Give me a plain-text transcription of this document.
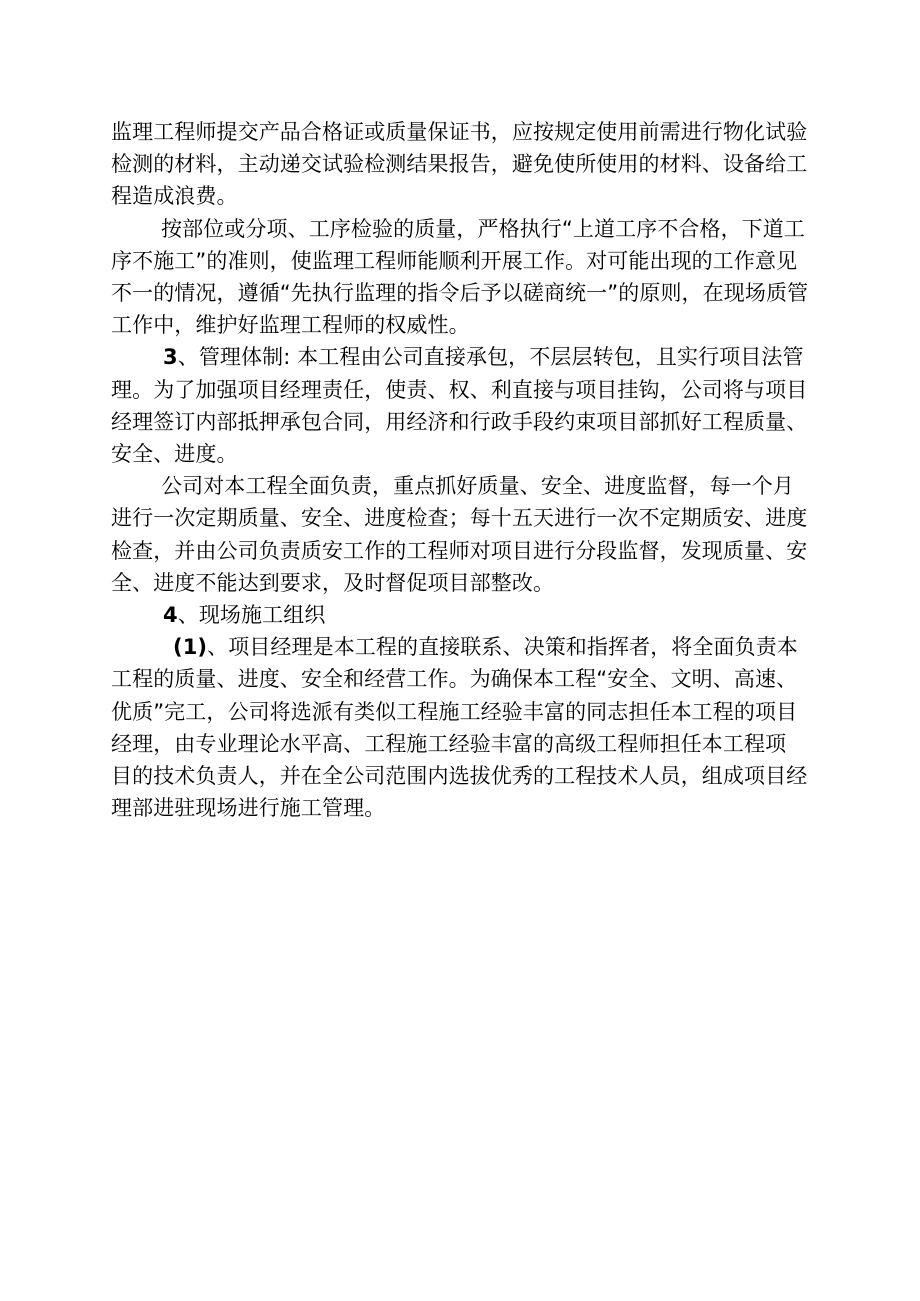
监理工程师提交产品合格证或质量保证书，应按规定使用前需进行物化试验检测的材料，主动递交试验检测结果报告，避免使所使用的材料、设备给工程造成浪费。

按部位或分项、工序检验的质量，严格执行“上道工序不合格，下道工序不施工”的准则，使监理工程师能顺利开展工作。对可能出现的工作意见不一的情况，遵循“先执行监理的指令后予以磋商统一”的原则，在现场质管工作中，维护好监理工程师的权威性。

3、管理体制: 本工程由公司直接承包，不层层转包，且实行项目法管理。为了加强项目经理责任，使责、权、利直接与项目挂钩，公司将与项目经理签订内部抵押承包合同，用经济和行政手段约束项目部抓好工程质量、安全、进度。

公司对本工程全面负责，重点抓好质量、安全、进度监督，每一个月进行一次定期质量、安全、进度检查；每十五天进行一次不定期质安、进度检查，并由公司负责质安工作的工程师对项目进行分段监督，发现质量、安全、进度不能达到要求，及时督促项目部整改。

4、现场施工组织

(1)、项目经理是本工程的直接联系、决策和指挥者，将全面负责本工程的质量、进度、安全和经营工作。为确保本工程“安全、文明、高速、优质”完工，公司将选派有类似工程施工经验丰富的同志担任本工程的项目经理，由专业理论水平高、工程施工经验丰富的高级工程师担任本工程项

目的技术负责人，并在全公司范围内选拔优秀的工程技术人员，组成项目经理部进驻现场进行施工管理。
